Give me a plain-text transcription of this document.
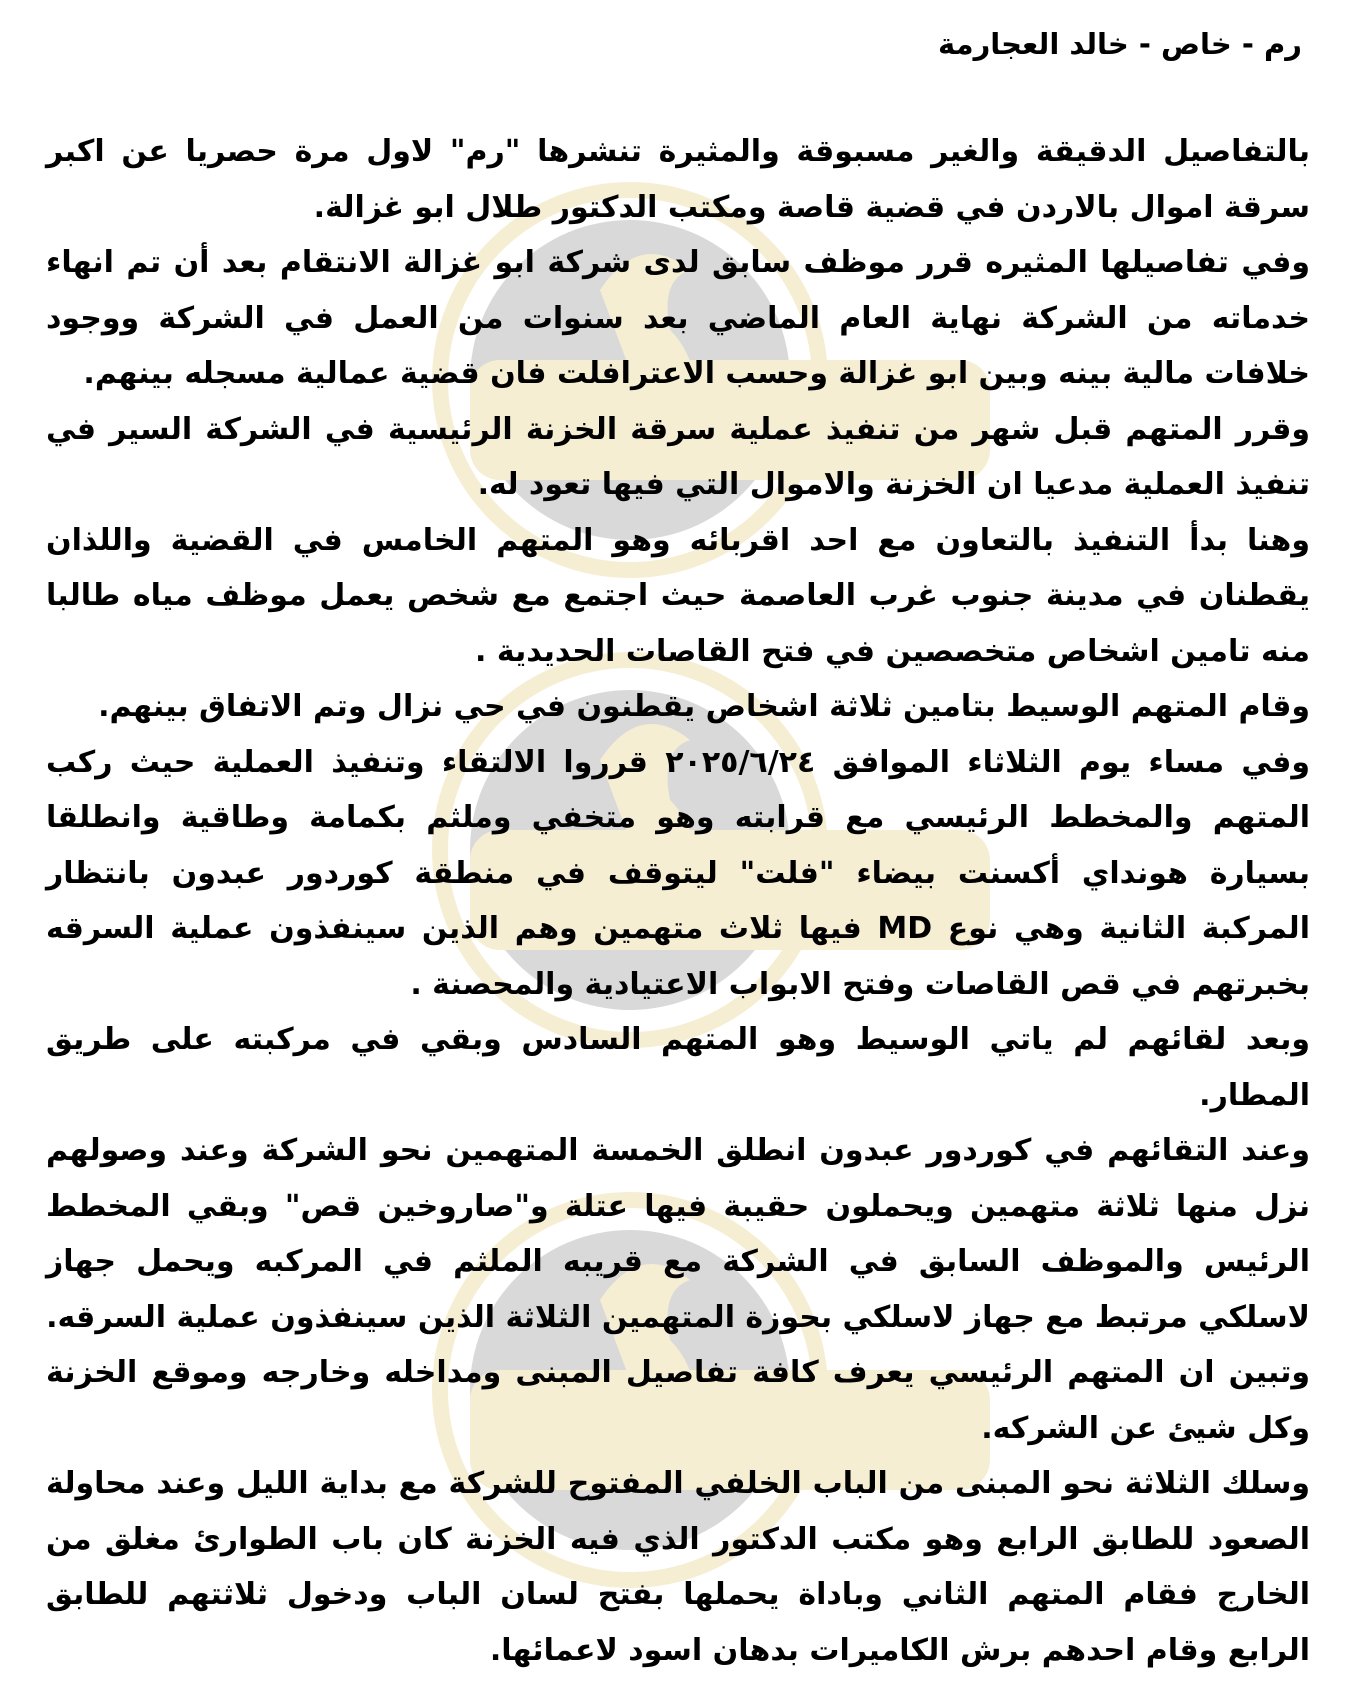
رم - خاص - خالد العجارمة

بالتفاصيل الدقيقة والغير مسبوقة والمثيرة تنشرها "رم" لاول مرة حصريا عن اكبر سرقة اموال بالاردن في قضية قاصة ومكتب الدكتور طلال ابو غزالة.

وفي تفاصيلها المثيره قرر موظف سابق لدى شركة ابو غزالة الانتقام بعد أن تم انهاء خدماته من الشركة نهاية العام الماضي بعد سنوات من العمل في الشركة ووجود خلافات مالية بينه وبين ابو غزالة وحسب الاعترافلت فان قضية عمالية مسجله بينهم.

وقرر المتهم قبل شهر من تنفيذ عملية سرقة الخزنة الرئيسية في الشركة السير في تنفيذ العملية مدعيا ان الخزنة والاموال التي فيها تعود له.

وهنا بدأ التنفيذ بالتعاون مع احد اقربائه وهو المتهم الخامس في القضية واللذان يقطنان في مدينة جنوب غرب العاصمة حيث اجتمع مع شخص يعمل موظف مياه طالبا منه تامين اشخاص متخصصين في فتح القاصات الحديدية .

وقام المتهم الوسيط بتامين ثلاثة اشخاص يقطنون في حي نزال وتم الاتفاق بينهم.

وفي مساء يوم الثلاثاء الموافق ٢٠٢٥/٦/٢٤ قرروا الالتقاء وتنفيذ العملية حيث ركب المتهم والمخطط الرئيسي مع قرابته وهو متخفي وملثم بكمامة وطاقية وانطلقا بسيارة هونداي أكسنت بيضاء "فلت" ليتوقف في منطقة كوردور عبدون بانتظار المركبة الثانية وهي نوع MD فيها ثلاث متهمين وهم الذين سينفذون عملية السرقه بخبرتهم في قص القاصات وفتح الابواب الاعتيادية والمحصنة .

وبعد لقائهم لم ياتي الوسيط وهو المتهم السادس وبقي في مركبته على طريق المطار.

وعند التقائهم في كوردور عبدون انطلق الخمسة المتهمين نحو الشركة وعند وصولهم نزل منها ثلاثة متهمين ويحملون حقيبة فيها عتلة و"صاروخين قص" وبقي المخطط الرئيس والموظف السابق في الشركة مع قريبه الملثم في المركبه ويحمل جهاز لاسلكي مرتبط مع جهاز لاسلكي بحوزة المتهمين الثلاثة الذين سينفذون عملية السرقه.

وتبين ان المتهم الرئيسي يعرف كافة تفاصيل المبنى ومداخله وخارجه وموقع الخزنة وكل شيئ عن الشركه.

وسلك الثلاثة نحو المبنى من الباب الخلفي المفتوح للشركة مع بداية الليل وعند محاولة الصعود للطابق الرابع وهو مكتب الدكتور الذي فيه الخزنة كان باب الطوارئ مغلق من الخارج فقام المتهم الثاني وباداة يحملها بفتح لسان الباب ودخول ثلاثتهم للطابق الرابع وقام احدهم برش الكاميرات بدهان اسود لاعمائها.
